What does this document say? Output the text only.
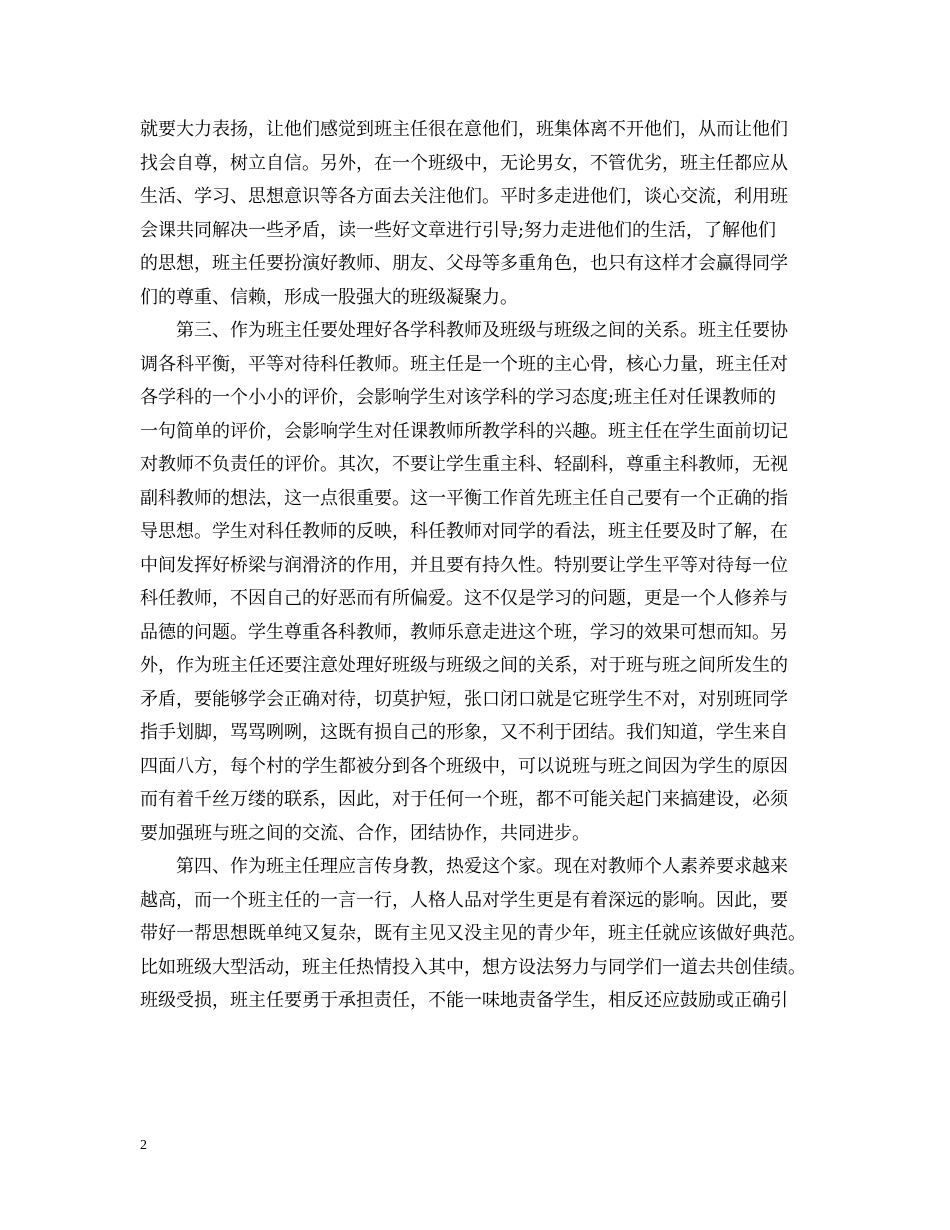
就要大力表扬，让他们感觉到班主任很在意他们，班集体离不开他们，从而让他们
找会自尊，树立自信。另外，在一个班级中，无论男女，不管优劣，班主任都应从
生活、学习、思想意识等各方面去关注他们。平时多走进他们，谈心交流，利用班
会课共同解决一些矛盾，读一些好文章进行引导;努力走进他们的生活，了解他们
的思想，班主任要扮演好教师、朋友、父母等多重角色，也只有这样才会赢得同学
们的尊重、信赖，形成一股强大的班级凝聚力。
　　第三、作为班主任要处理好各学科教师及班级与班级之间的关系。班主任要协
调各科平衡，平等对待科任教师。班主任是一个班的主心骨，核心力量，班主任对
各学科的一个小小的评价，会影响学生对该学科的学习态度;班主任对任课教师的
一句简单的评价，会影响学生对任课教师所教学科的兴趣。班主任在学生面前切记
对教师不负责任的评价。其次，不要让学生重主科、轻副科，尊重主科教师，无视
副科教师的想法，这一点很重要。这一平衡工作首先班主任自己要有一个正确的指
导思想。学生对科任教师的反映，科任教师对同学的看法，班主任要及时了解，在
中间发挥好桥梁与润滑济的作用，并且要有持久性。特别要让学生平等对待每一位
科任教师，不因自己的好恶而有所偏爱。这不仅是学习的问题，更是一个人修养与
品德的问题。学生尊重各科教师，教师乐意走进这个班，学习的效果可想而知。另
外，作为班主任还要注意处理好班级与班级之间的关系，对于班与班之间所发生的
矛盾，要能够学会正确对待，切莫护短，张口闭口就是它班学生不对，对别班同学
指手划脚，骂骂咧咧，这既有损自己的形象，又不利于团结。我们知道，学生来自
四面八方，每个村的学生都被分到各个班级中，可以说班与班之间因为学生的原因
而有着千丝万缕的联系，因此，对于任何一个班，都不可能关起门来搞建设，必须
要加强班与班之间的交流、合作，团结协作，共同进步。
　　第四、作为班主任理应言传身教，热爱这个家。现在对教师个人素养要求越来
越高，而一个班主任的一言一行，人格人品对学生更是有着深远的影响。因此，要
带好一帮思想既单纯又复杂，既有主见又没主见的青少年，班主任就应该做好典范。
比如班级大型活动，班主任热情投入其中，想方设法努力与同学们一道去共创佳绩。
班级受损，班主任要勇于承担责任，不能一味地责备学生，相反还应鼓励或正确引
2
